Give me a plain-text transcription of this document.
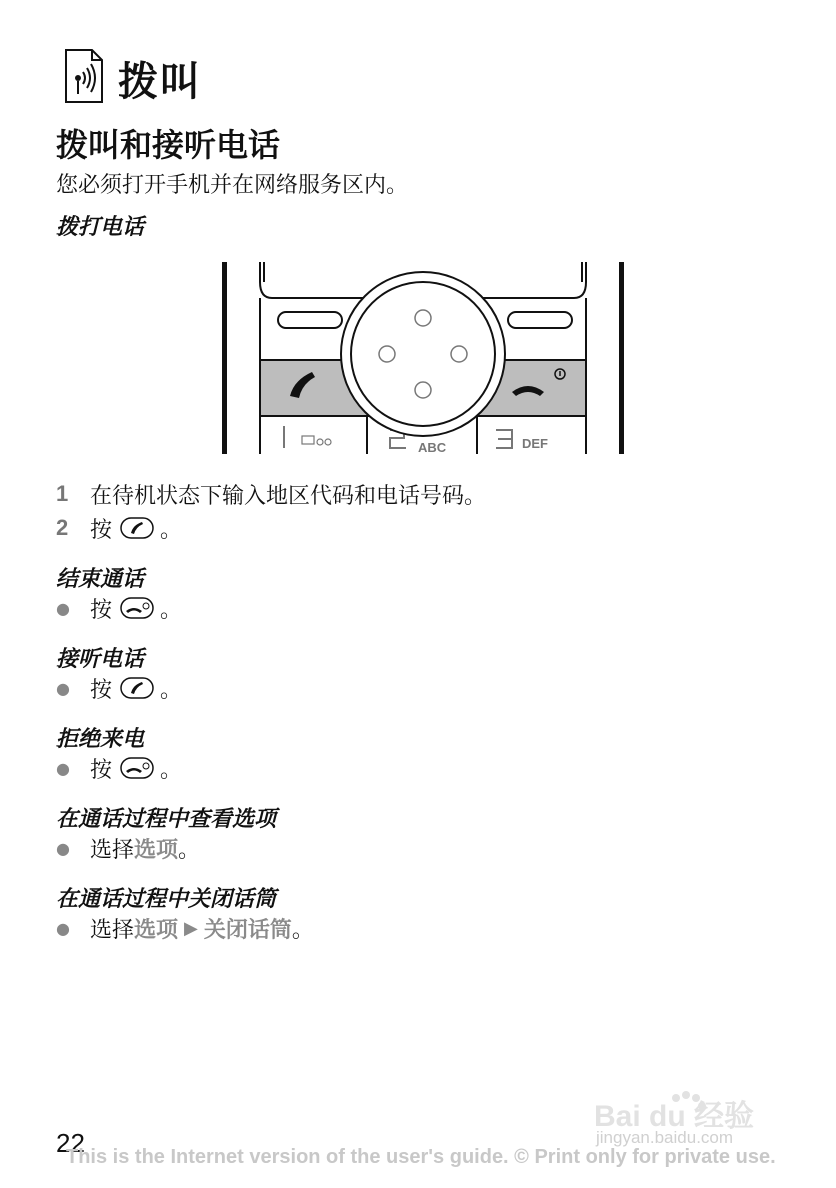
拨叫
拨叫和接听电话
您必须打开手机并在网络服务区内。
拨打电话
ABC	DEF
1 在待机状态下输入地区代码和电话号码。
2 按 。
结束通话
● 按 。
接听电话
● 按 。
拒绝来电
● 按 。
在通话过程中查看选项
● 选择 选项 。
在通话过程中关闭话筒
● 选择 选项 ▶ 关闭话筒 。
Bai du 经验
jingyan.baidu.com
22
This is the Internet version of the user's guide. © Print only for private use.
